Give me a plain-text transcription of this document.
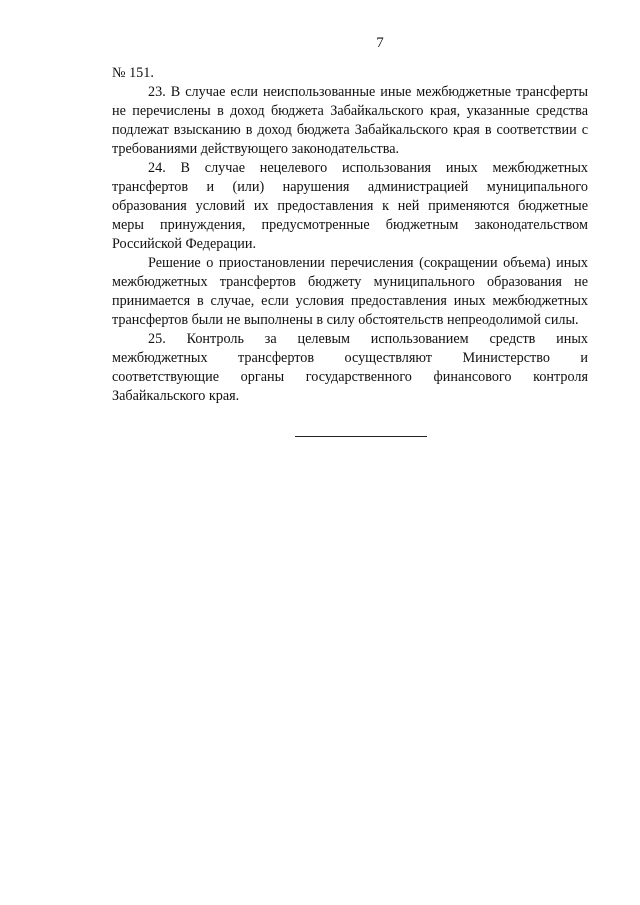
7
№ 151.
23. В случае если неиспользованные иные межбюджетные трансферты
не перечислены в доход бюджета Забайкальского края, указанные средства
подлежат взысканию в доход бюджета Забайкальского края в соответствии с
требованиями действующего законодательства.
24. В случае нецелевого использования иных межбюджетных
трансфертов и (или) нарушения администрацией муниципального
образования условий их предоставления к ней применяются бюджетные
меры принуждения, предусмотренные бюджетным законодательством
Российской Федерации.
Решение о приостановлении перечисления (сокращении объема) иных
межбюджетных трансфертов бюджету муниципального образования не
принимается в случае, если условия предоставления иных межбюджетных
трансфертов были не выполнены в силу обстоятельств непреодолимой силы.
25. Контроль за целевым использованием средств иных
межбюджетных трансфертов осуществляют Министерство и
соответствующие органы государственного финансового контроля
Забайкальского края.
